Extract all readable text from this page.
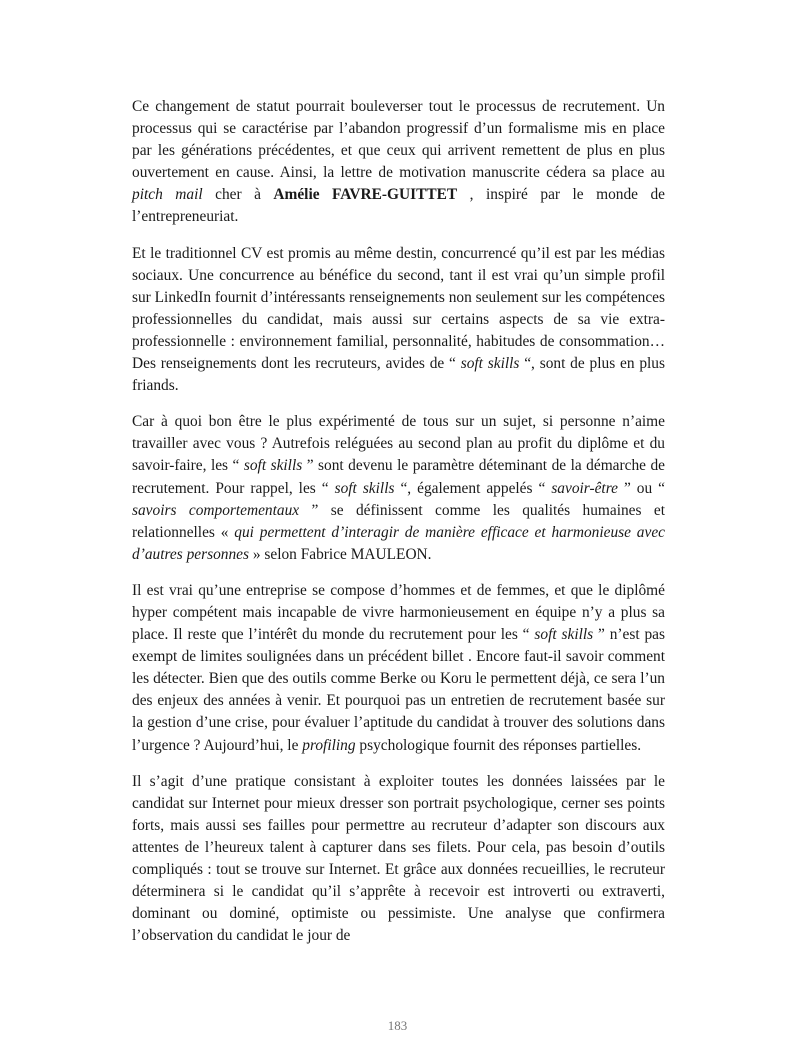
Ce changement de statut pourrait bouleverser tout le processus de recrutement. Un processus qui se caractérise par l’abandon progressif d’un formalisme mis en place par les générations précédentes, et que ceux qui arrivent remettent de plus en plus ouvertement en cause. Ainsi, la lettre de motivation manuscrite cédera sa place au pitch mail cher à Amélie FAVRE-GUITTET , inspiré par le monde de l’entrepreneuriat.

Et le traditionnel CV est promis au même destin, concurrencé qu’il est par les médias sociaux. Une concurrence au bénéfice du second, tant il est vrai qu’un simple profil sur LinkedIn fournit d’intéressants renseignements non seulement sur les compétences professionnelles du candidat, mais aussi sur certains aspects de sa vie extra-professionnelle : environnement familial, personnalité, habitudes de consommation… Des renseignements dont les recruteurs, avides de “ soft skills “, sont de plus en plus friands.

Car à quoi bon être le plus expérimenté de tous sur un sujet, si personne n’aime travailler avec vous ? Autrefois reléguées au second plan au profit du diplôme et du savoir-faire, les “ soft skills ” sont devenu le paramètre déteminant de la démarche de recrutement. Pour rappel, les “ soft skills “, également appelés “ savoir-être ” ou “ savoirs comportementaux ” se définissent comme les qualités humaines et relationnelles « qui permettent d’interagir de manière efficace et harmonieuse avec d’autres personnes » selon Fabrice MAULEON.

Il est vrai qu’une entreprise se compose d’hommes et de femmes, et que le diplômé hyper compétent mais incapable de vivre harmonieusement en équipe n’y a plus sa place. Il reste que l’intérêt du monde du recrutement pour les “ soft skills ” n’est pas exempt de limites soulignées dans un précédent billet . Encore faut-il savoir comment les détecter. Bien que des outils comme Berke ou Koru le permettent déjà, ce sera l’un des enjeux des années à venir. Et pourquoi pas un entretien de recrutement basée sur la gestion d’une crise, pour évaluer l’aptitude du candidat à trouver des solutions dans l’urgence ? Aujourd’hui, le profiling psychologique fournit des réponses partielles.

Il s’agit d’une pratique consistant à exploiter toutes les données laissées par le candidat sur Internet pour mieux dresser son portrait psychologique, cerner ses points forts, mais aussi ses failles pour permettre au recruteur d’adapter son discours aux attentes de l’heureux talent à capturer dans ses filets. Pour cela, pas besoin d’outils compliqués : tout se trouve sur Internet. Et grâce aux données recueillies, le recruteur déterminera si le candidat qu’il s’apprête à recevoir est introverti ou extraverti, dominant ou dominé, optimiste ou pessimiste. Une analyse que confirmera l’observation du candidat le jour de

183
